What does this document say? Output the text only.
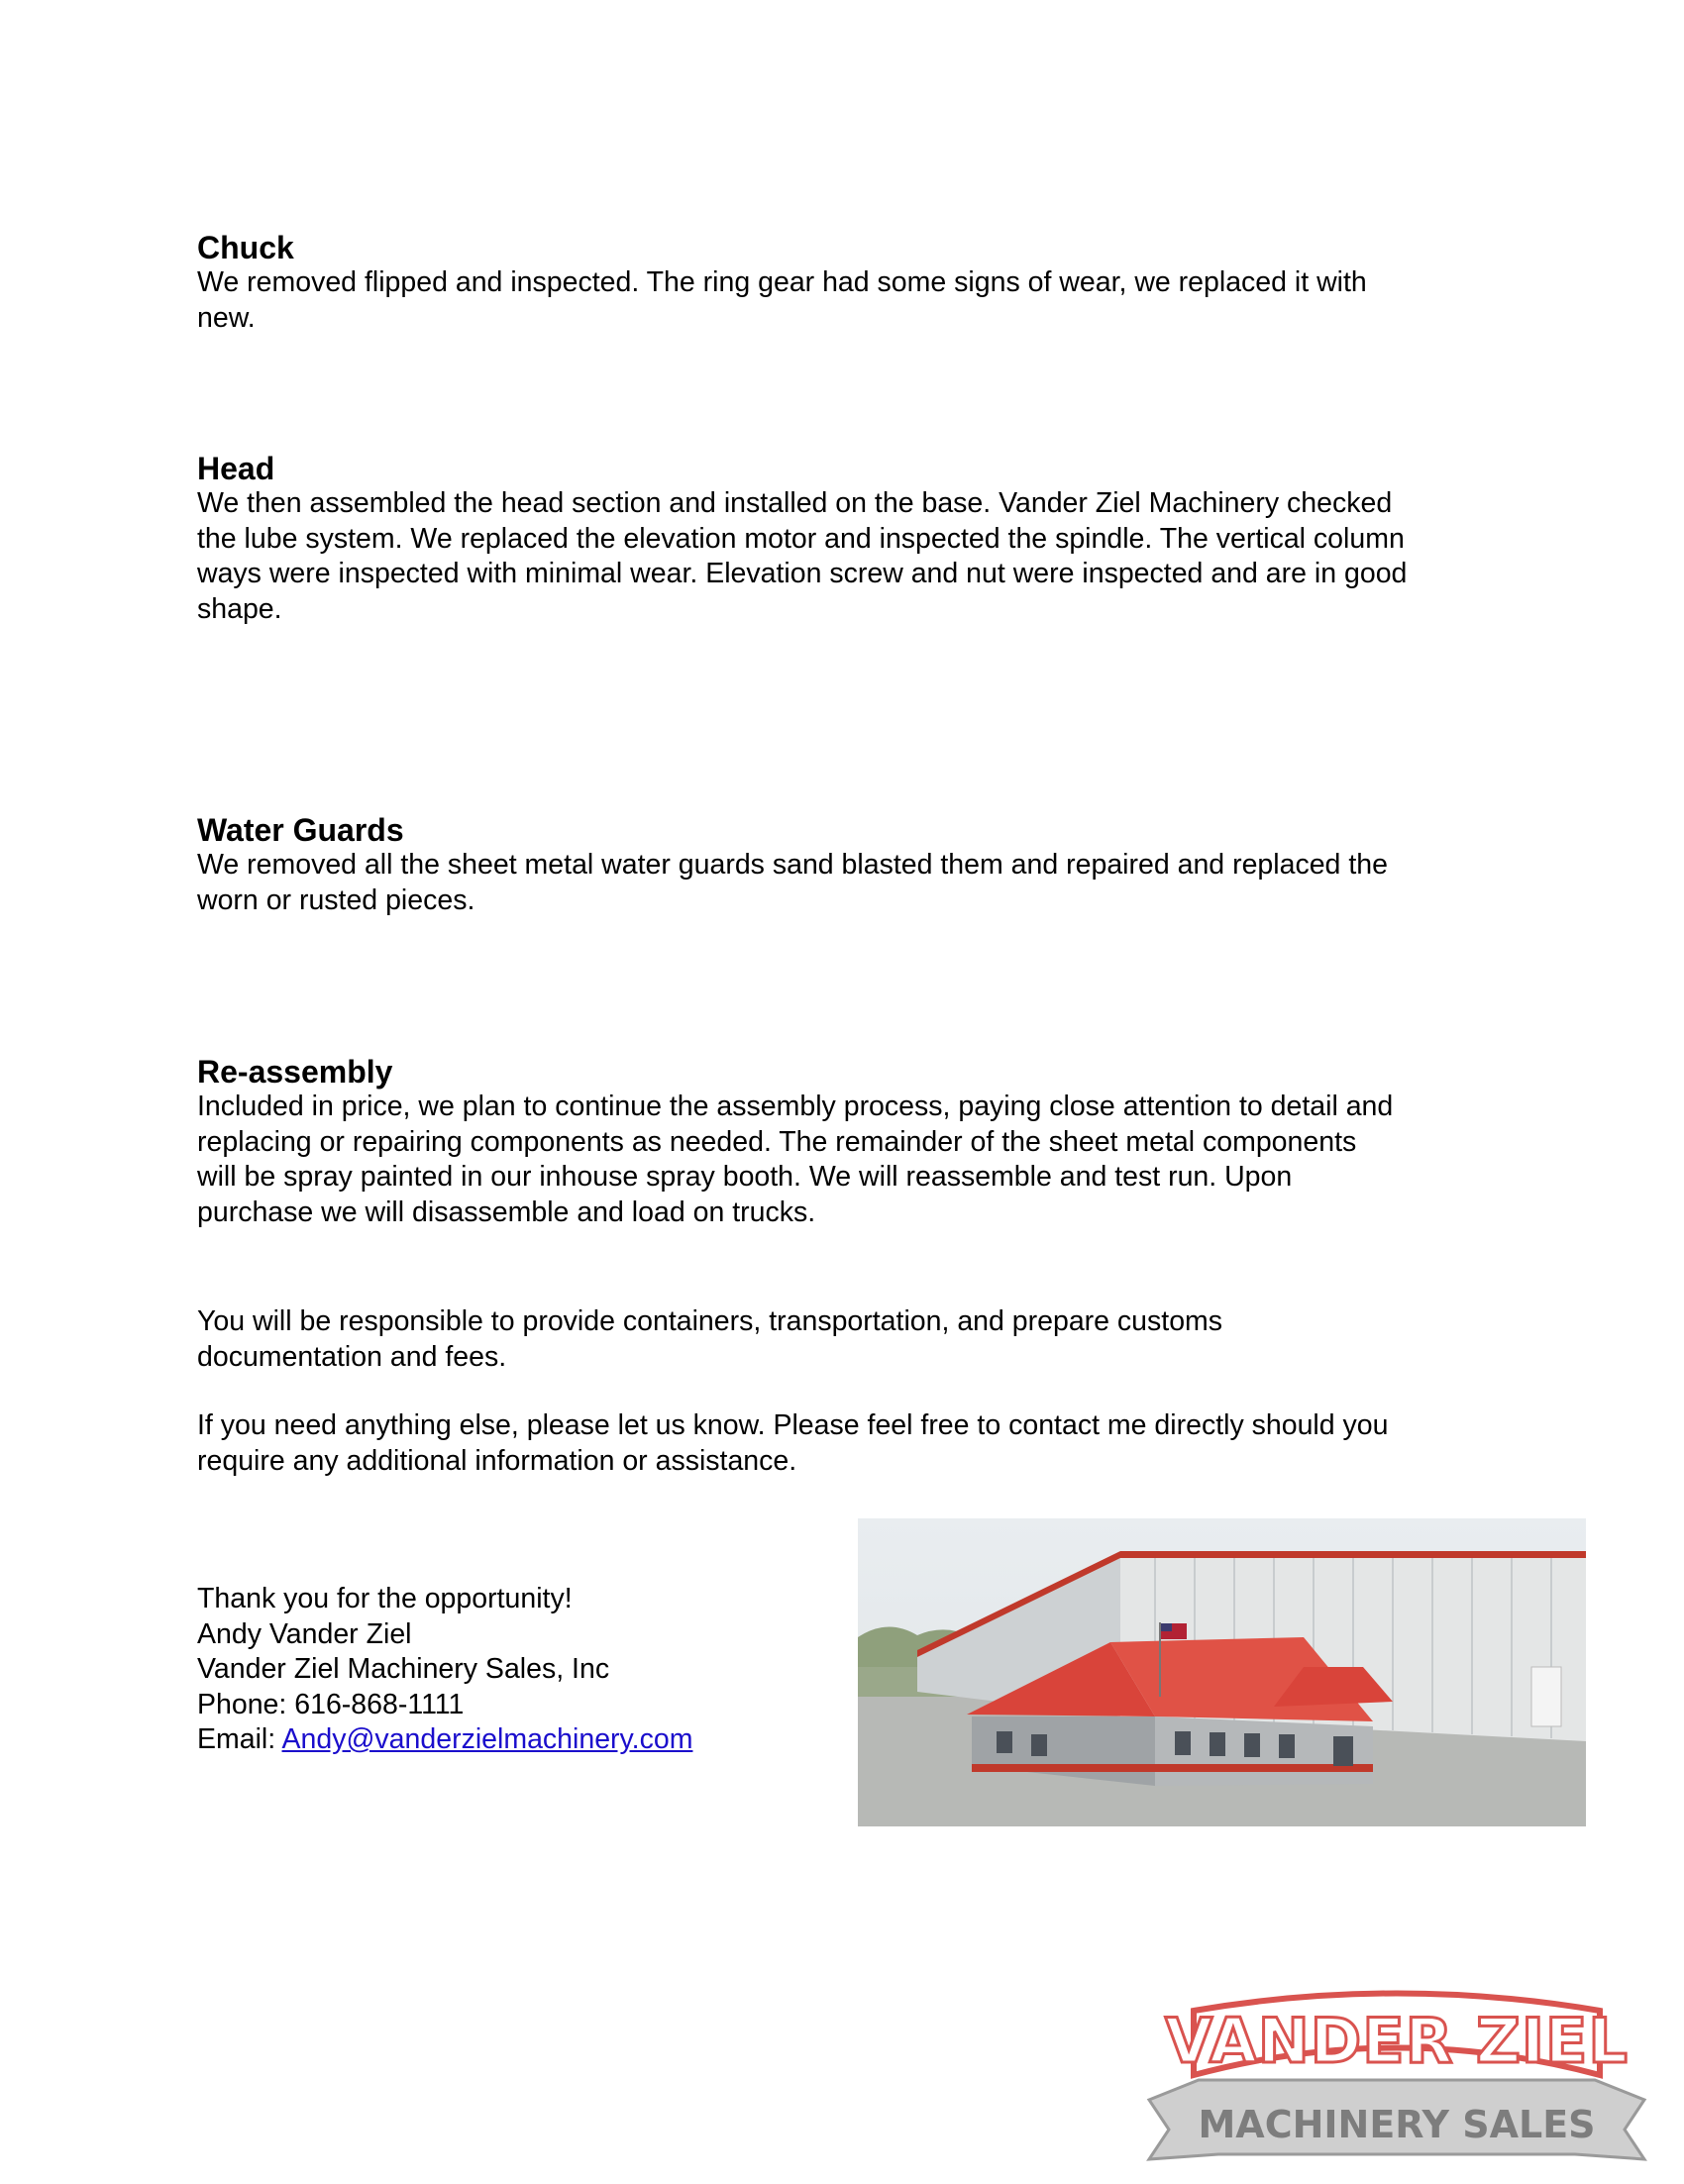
Chuck

We removed flipped and inspected. The ring gear had some signs of wear, we replaced it with

new.

Head

We then assembled the head section and installed on the base. Vander Ziel Machinery checked

the lube system. We replaced the elevation motor and inspected the spindle. The vertical column

ways were inspected with minimal wear. Elevation screw and nut were inspected and are in good

shape.

Water Guards

We removed all the sheet metal water guards sand blasted them and repaired and replaced the

worn or rusted pieces.

Re-assembly

Included in price, we plan to continue the assembly process, paying close attention to detail and

replacing or repairing components as needed. The remainder of the sheet metal components

will be spray painted in our inhouse spray booth. We will reassemble and test run. Upon

purchase we will disassemble and load on trucks.

You will be responsible to provide containers, transportation, and prepare customs

documentation and fees.

If you need anything else, please let us know. Please feel free to contact me directly should you

require any additional information or assistance.

Thank you for the opportunity!

Andy Vander Ziel

Vander Ziel Machinery Sales, Inc

Phone: 616-868-1111

Email: Andy@vanderzielmachinery.com

VANDER ZIEL
MACHINERY SALES
